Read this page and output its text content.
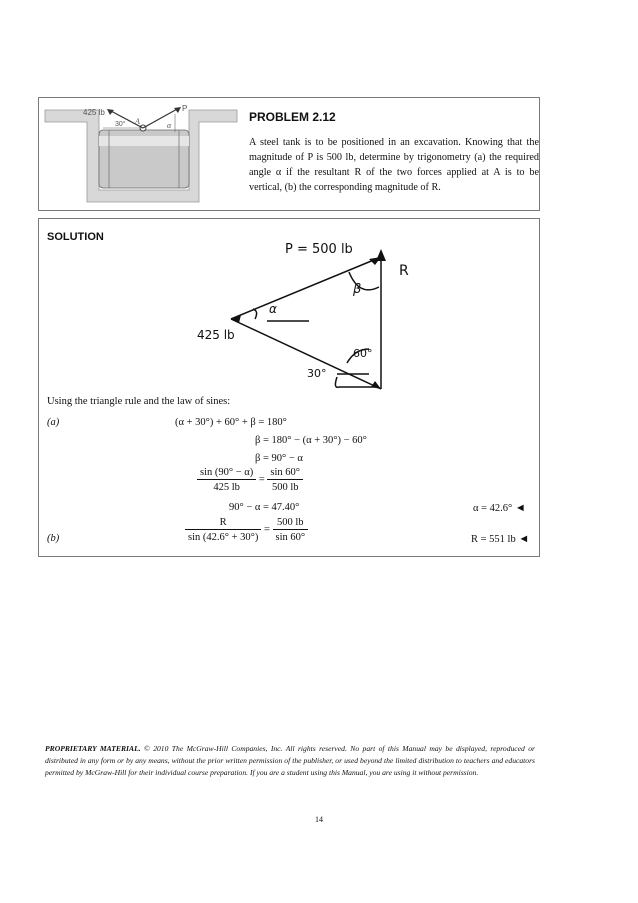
425 lb	P
A
30°	α
PROBLEM 2.12
A steel tank is to be positioned in an excavation. Knowing that the magnitude of P is 500 lb, determine by trigonometry (a) the required angle α if the resultant R of the two forces applied at A is to be vertical, (b) the corresponding magnitude of R.
SOLUTION
P = 500 lb
R
β
α
425 lb
60°
30°
Using the triangle rule and the law of sines:
(a)	(α + 30°) + 60° + β = 180°
β = 180° − (α + 30°) − 60°
β = 90° − α
$\frac{\sin (90^\circ - \alpha)}{425 lb} = \frac{\sin 60^\circ}{500 lb}$
90° − α = 47.40°	α = 42.6° ◄
(b)	$\frac{R}{\sin (42.6^\circ + 30^\circ)} = \frac{500 lb}{\sin 60^\circ}$	R = 551 lb ◄
PROPRIETARY MATERIAL. © 2010 The McGraw-Hill Companies, Inc. All rights reserved. No part of this Manual may be displayed, reproduced or distributed in any form or by any means, without the prior written permission of the publisher, or used beyond the limited distribution to teachers and educators permitted by McGraw-Hill for their individual course preparation. If you are a student using this Manual, you are using it without permission.
14
